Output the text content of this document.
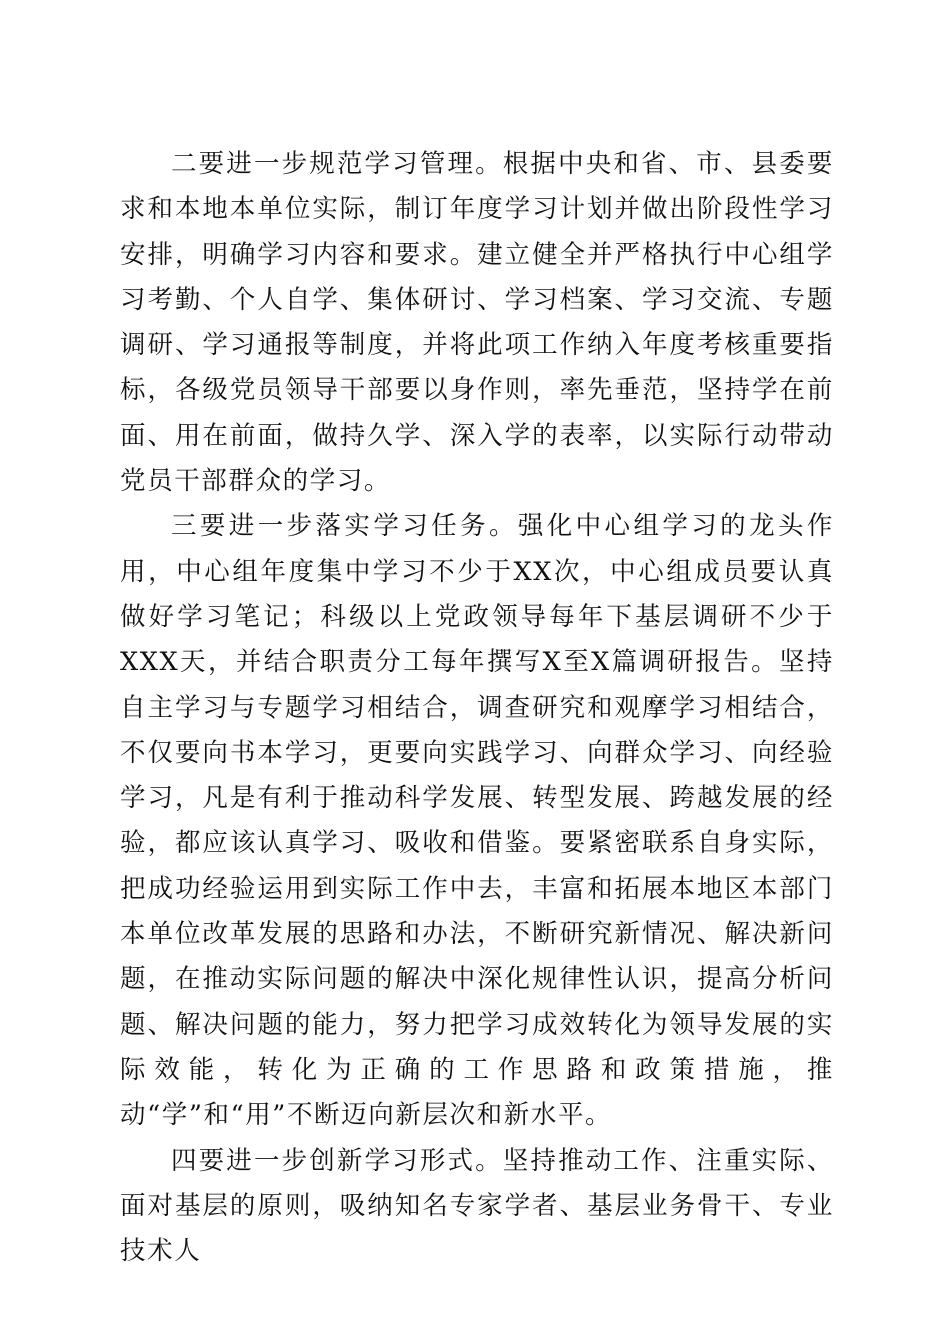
二要进一步规范学习管理。根据中央和省、市、县委要求和本地本单位实际，制订年度学习计划并做出阶段性学习安排，明确学习内容和要求。建立健全并严格执行中心组学习考勤、个人自学、集体研讨、学习档案、学习交流、专题调研、学习通报等制度，并将此项工作纳入年度考核重要指标，各级党员领导干部要以身作则，率先垂范，坚持学在前面、用在前面，做持久学、深入学的表率，以实际行动带动党员干部群众的学习。

三要进一步落实学习任务。强化中心组学习的龙头作用，中心组年度集中学习不少于XX次，中心组成员要认真做好学习笔记；科级以上党政领导每年下基层调研不少于XXX天，并结合职责分工每年撰写X至X篇调研报告。坚持自主学习与专题学习相结合，调查研究和观摩学习相结合，不仅要向书本学习，更要向实践学习、向群众学习、向经验学习，凡是有利于推动科学发展、转型发展、跨越发展的经验，都应该认真学习、吸收和借鉴。要紧密联系自身实际，把成功经验运用到实际工作中去，丰富和拓展本地区本部门本单位改革发展的思路和办法，不断研究新情况、解决新问题，在推动实际问题的解决中深化规律性认识，提高分析问题、解决问题的能力，努力把学习成效转化为领导发展的实际效能，转化为正确的工作思路和政策措施，推动“学”和“用”不断迈向新层次和新水平。

四要进一步创新学习形式。坚持推动工作、注重实际、面对基层的原则，吸纳知名专家学者、基层业务骨干、专业技术人
